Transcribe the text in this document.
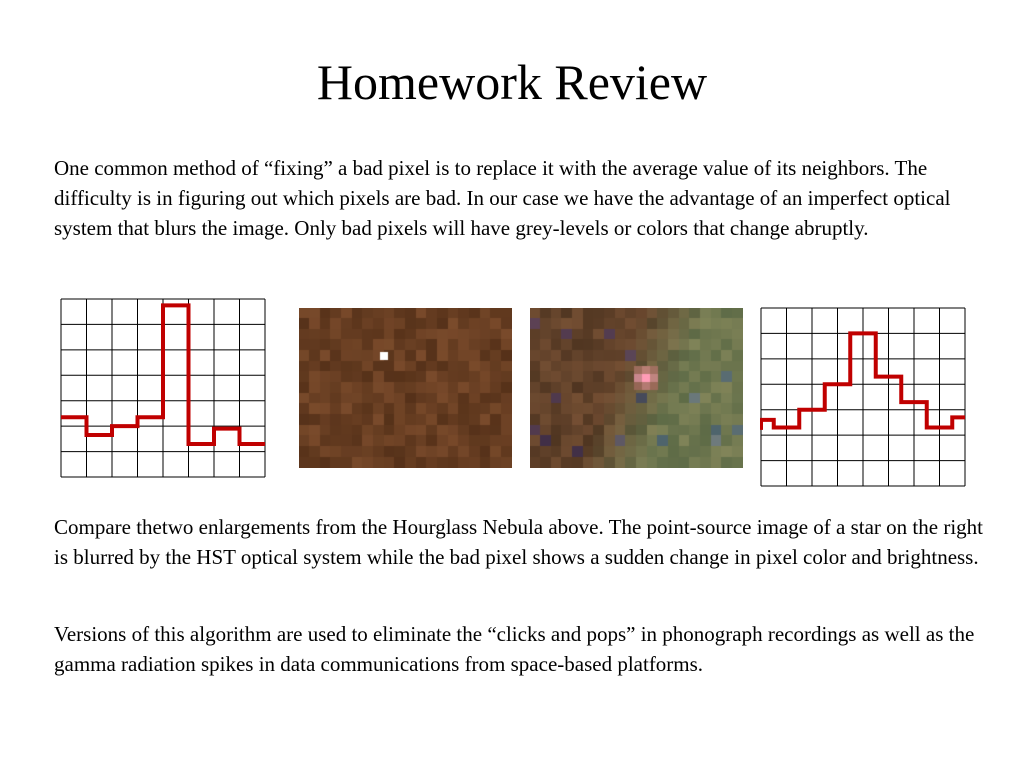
Homework Review

One common method of “fixing” a bad pixel is to replace it with the average value of its neighbors. The difficulty is in figuring out which pixels are bad. In our case we have the advantage of an imperfect optical system that blurs the image. Only bad pixels will have grey-levels or colors that change abruptly.

Compare thetwo enlargements from the Hourglass Nebula above. The point-source image of a star on the right is blurred by the HST optical system while the bad pixel shows a sudden change in pixel color and brightness.

Versions of this algorithm are used to eliminate the “clicks and pops” in phonograph recordings as well as the gamma radiation spikes in data communications from space-based platforms.
